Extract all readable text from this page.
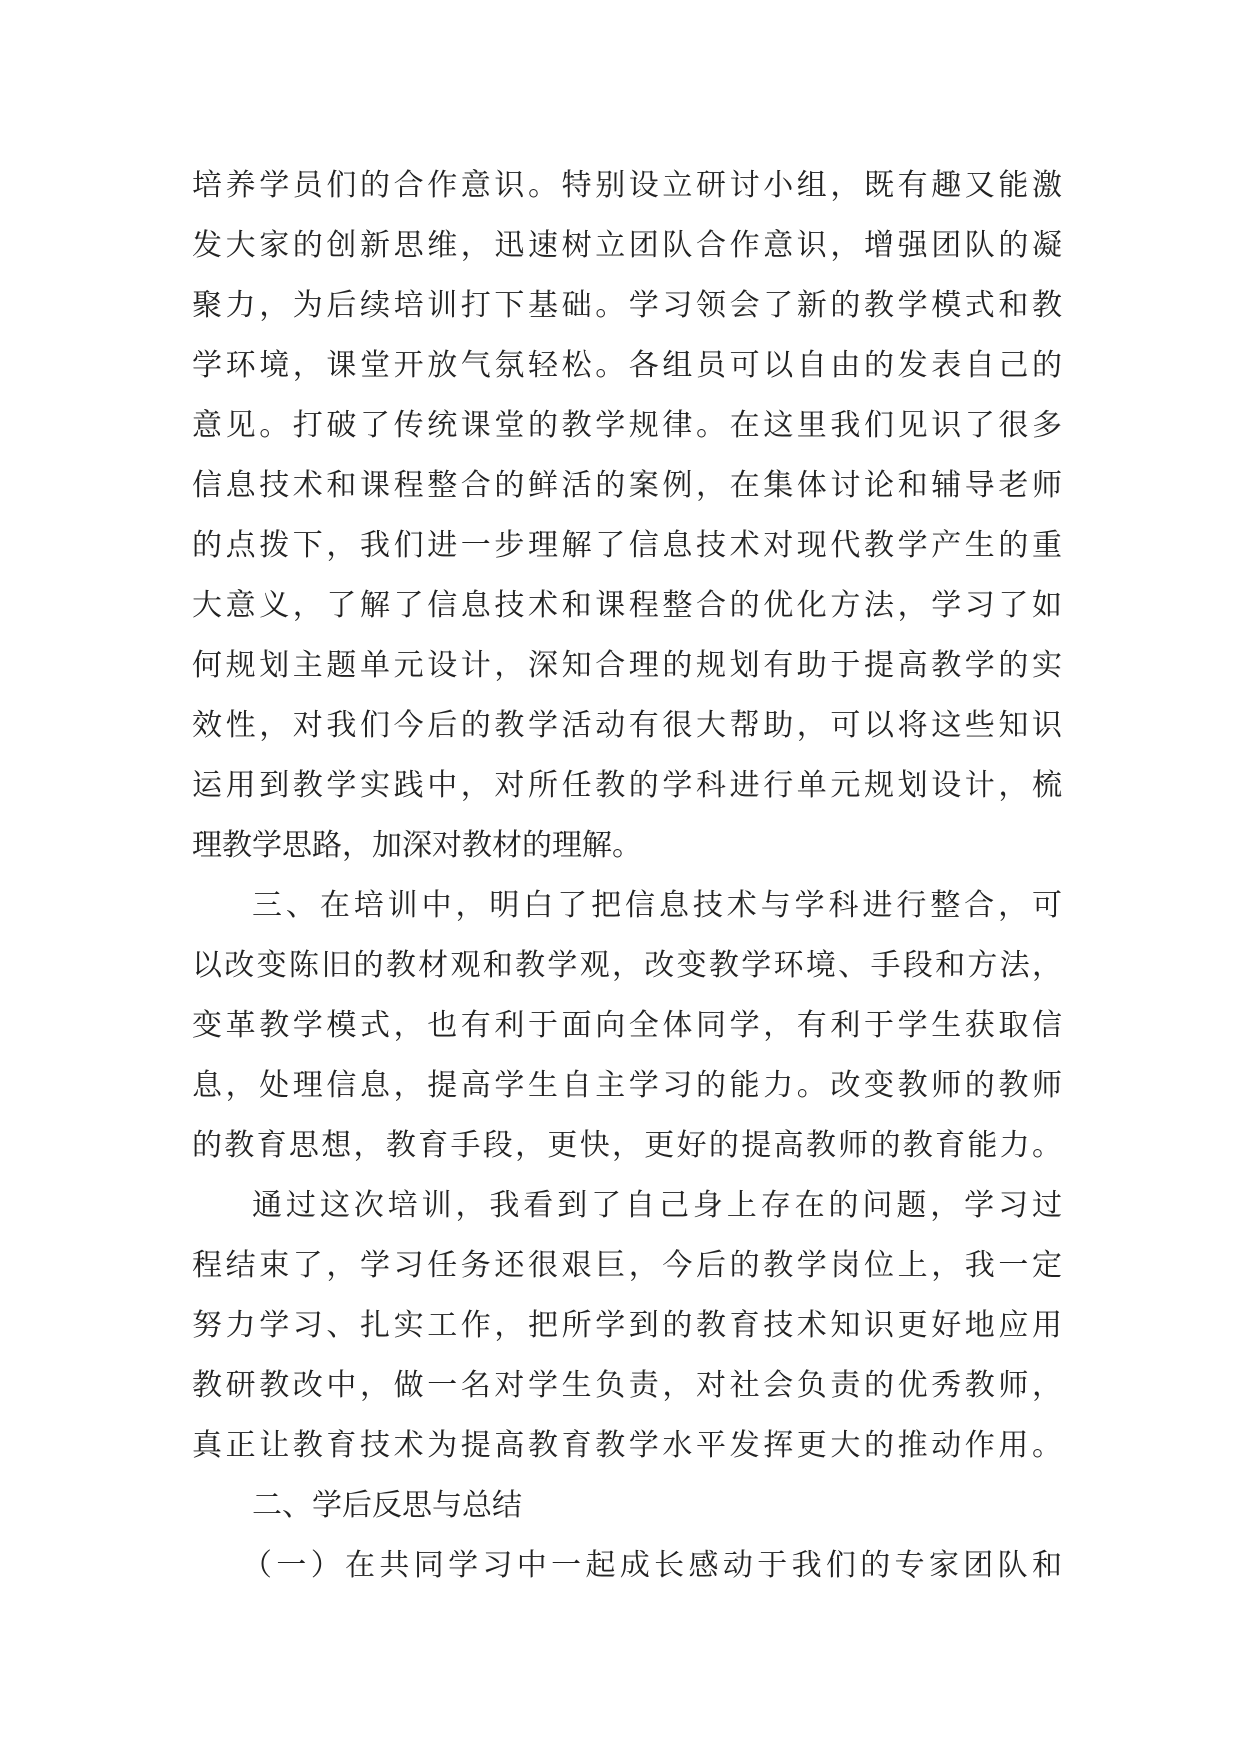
培养学员们的合作意识。特别设立研讨小组，既有趣又能激
发大家的创新思维，迅速树立团队合作意识，增强团队的凝
聚力，为后续培训打下基础。学习领会了新的教学模式和教
学环境，课堂开放气氛轻松。各组员可以自由的发表自己的
意见。打破了传统课堂的教学规律。在这里我们见识了很多
信息技术和课程整合的鲜活的案例，在集体讨论和辅导老师
的点拨下，我们进一步理解了信息技术对现代教学产生的重
大意义，了解了信息技术和课程整合的优化方法，学习了如
何规划主题单元设计，深知合理的规划有助于提高教学的实
效性，对我们今后的教学活动有很大帮助，可以将这些知识
运用到教学实践中，对所任教的学科进行单元规划设计，梳
理教学思路，加深对教材的理解。
三、在培训中，明白了把信息技术与学科进行整合，可
以改变陈旧的教材观和教学观，改变教学环境、手段和方法，
变革教学模式，也有利于面向全体同学，有利于学生获取信
息，处理信息，提高学生自主学习的能力。改变教师的教师
的教育思想，教育手段，更快，更好的提高教师的教育能力。
通过这次培训，我看到了自己身上存在的问题，学习过
程结束了，学习任务还很艰巨，今后的教学岗位上，我一定
努力学习、扎实工作，把所学到的教育技术知识更好地应用
教研教改中，做一名对学生负责，对社会负责的优秀教师，
真正让教育技术为提高教育教学水平发挥更大的推动作用。
二、学后反思与总结
（一）在共同学习中一起成长感动于我们的专家团队和
